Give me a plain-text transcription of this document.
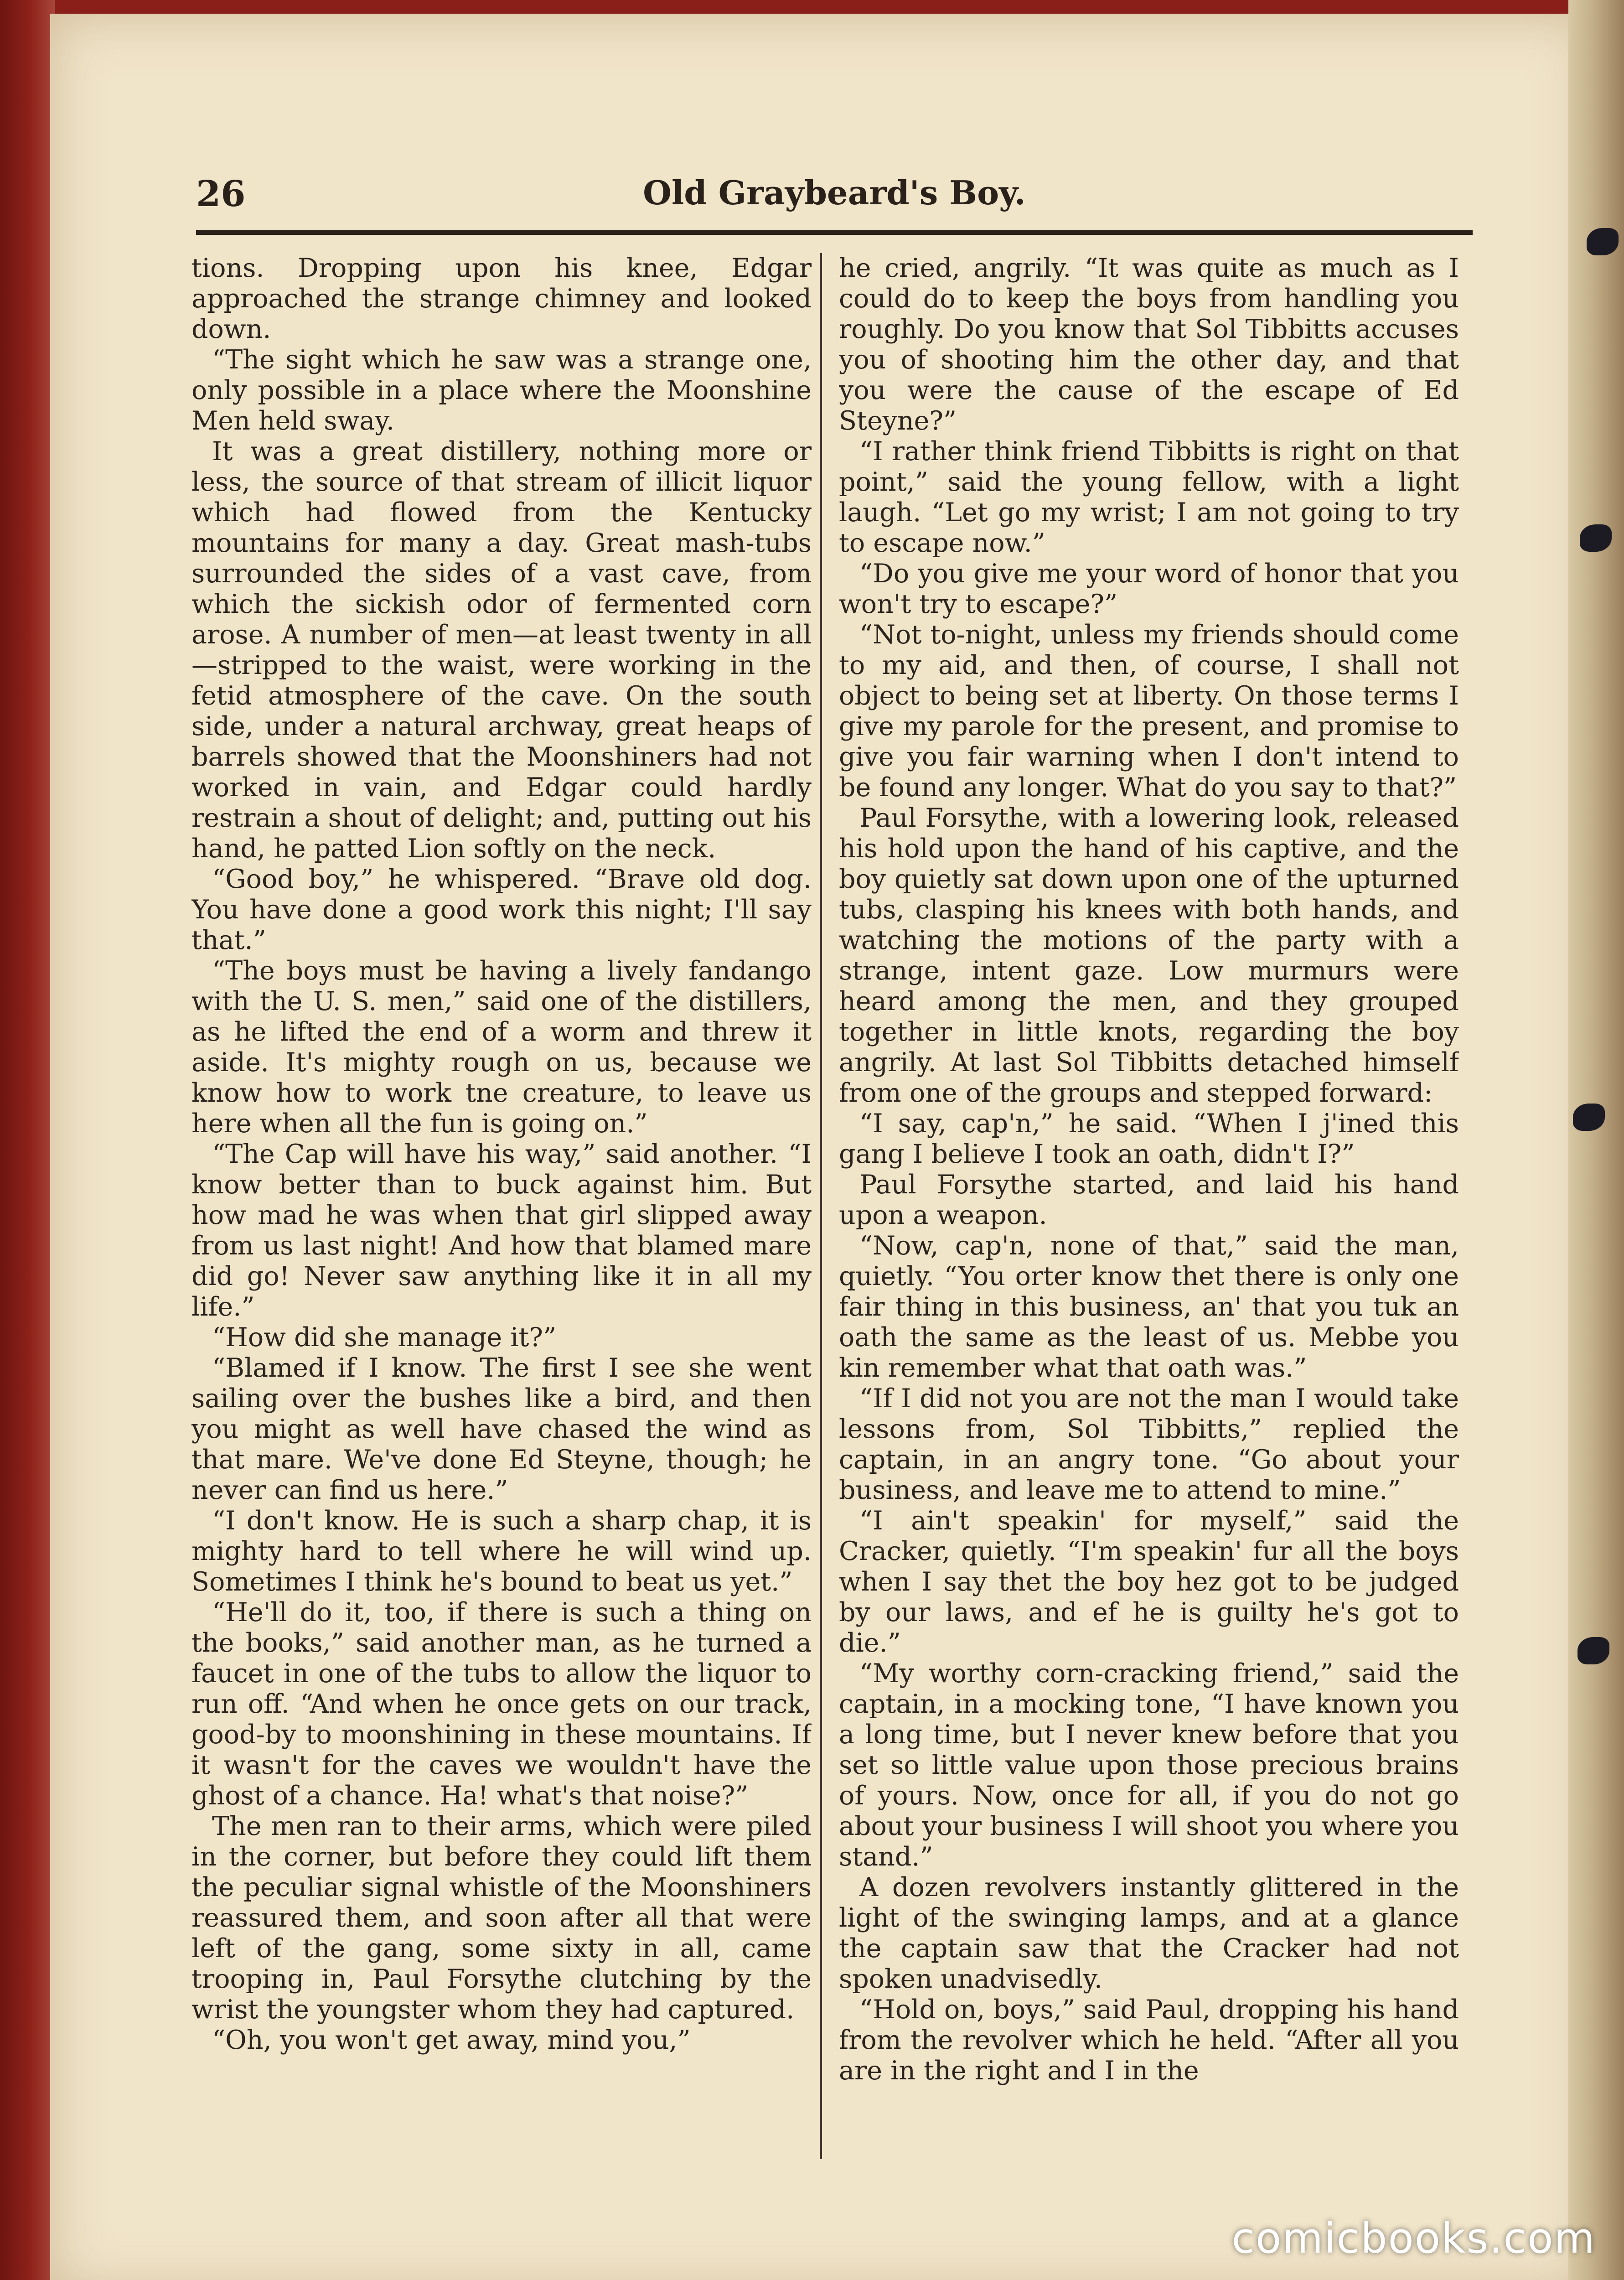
26	Old Graybeard's Boy.

tions. Dropping upon his knee, Edgar approached the strange chimney and looked down.

“The sight which he saw was a strange one, only possible in a place where the Moonshine Men held sway.

It was a great distillery, nothing more or less, the source of that stream of illicit liquor which had flowed from the Kentucky mountains for many a day. Great mash-tubs surrounded the sides of a vast cave, from which the sickish odor of fermented corn arose. A number of men—at least twenty in all—stripped to the waist, were working in the fetid atmosphere of the cave. On the south side, under a natural archway, great heaps of barrels showed that the Moonshiners had not worked in vain, and Edgar could hardly restrain a shout of delight; and, putting out his hand, he patted Lion softly on the neck.

“Good boy,” he whispered. “Brave old dog. You have done a good work this night; I'll say that.”

“The boys must be having a lively fandango with the U. S. men,” said one of the distillers, as he lifted the end of a worm and threw it aside. It's mighty rough on us, because we know how to work tne creature, to leave us here when all the fun is going on.”

“The Cap will have his way,” said another. “I know better than to buck against him. But how mad he was when that girl slipped away from us last night! And how that blamed mare did go! Never saw anything like it in all my life.”

“How did she manage it?”

“Blamed if I know. The first I see she went sailing over the bushes like a bird, and then you might as well have chased the wind as that mare. We've done Ed Steyne, though; he never can find us here.”

“I don't know. He is such a sharp chap, it is mighty hard to tell where he will wind up. Sometimes I think he's bound to beat us yet.”

“He'll do it, too, if there is such a thing on the books,” said another man, as he turned a faucet in one of the tubs to allow the liquor to run off. “And when he once gets on our track, good-by to moonshining in these mountains. If it wasn't for the caves we wouldn't have the ghost of a chance. Ha! what's that noise?”

The men ran to their arms, which were piled in the corner, but before they could lift them the peculiar signal whistle of the Moonshiners reassured them, and soon after all that were left of the gang, some sixty in all, came trooping in, Paul Forsythe clutching by the wrist the youngster whom they had captured.

“Oh, you won't get away, mind you,”

he cried, angrily. “It was quite as much as I could do to keep the boys from handling you roughly. Do you know that Sol Tibbitts accuses you of shooting him the other day, and that you were the cause of the escape of Ed Steyne?”

“I rather think friend Tibbitts is right on that point,” said the young fellow, with a light laugh. “Let go my wrist; I am not going to try to escape now.”

“Do you give me your word of honor that you won't try to escape?”

“Not to-night, unless my friends should come to my aid, and then, of course, I shall not object to being set at liberty. On those terms I give my parole for the present, and promise to give you fair warning when I don't intend to be found any longer. What do you say to that?”

Paul Forsythe, with a lowering look, released his hold upon the hand of his captive, and the boy quietly sat down upon one of the upturned tubs, clasping his knees with both hands, and watching the motions of the party with a strange, intent gaze. Low murmurs were heard among the men, and they grouped together in little knots, regarding the boy angrily. At last Sol Tibbitts detached himself from one of the groups and stepped forward:

“I say, cap'n,” he said. “When I j'ined this gang I believe I took an oath, didn't I?”

Paul Forsythe started, and laid his hand upon a weapon.

“Now, cap'n, none of that,” said the man, quietly. “You orter know thet there is only one fair thing in this business, an' that you tuk an oath the same as the least of us. Mebbe you kin remember what that oath was.”

“If I did not you are not the man I would take lessons from, Sol Tibbitts,” replied the captain, in an angry tone. “Go about your business, and leave me to attend to mine.”

“I ain't speakin' for myself,” said the Cracker, quietly. “I'm speakin' fur all the boys when I say thet the boy hez got to be judged by our laws, and ef he is guilty he's got to die.”

“My worthy corn-cracking friend,” said the captain, in a mocking tone, “I have known you a long time, but I never knew before that you set so little value upon those precious brains of yours. Now, once for all, if you do not go about your business I will shoot you where you stand.”

A dozen revolvers instantly glittered in the light of the swinging lamps, and at a glance the captain saw that the Cracker had not spoken unadvisedly.

“Hold on, boys,” said Paul, dropping his hand from the revolver which he held. “After all you are in the right and I in the

comicbooks.com
